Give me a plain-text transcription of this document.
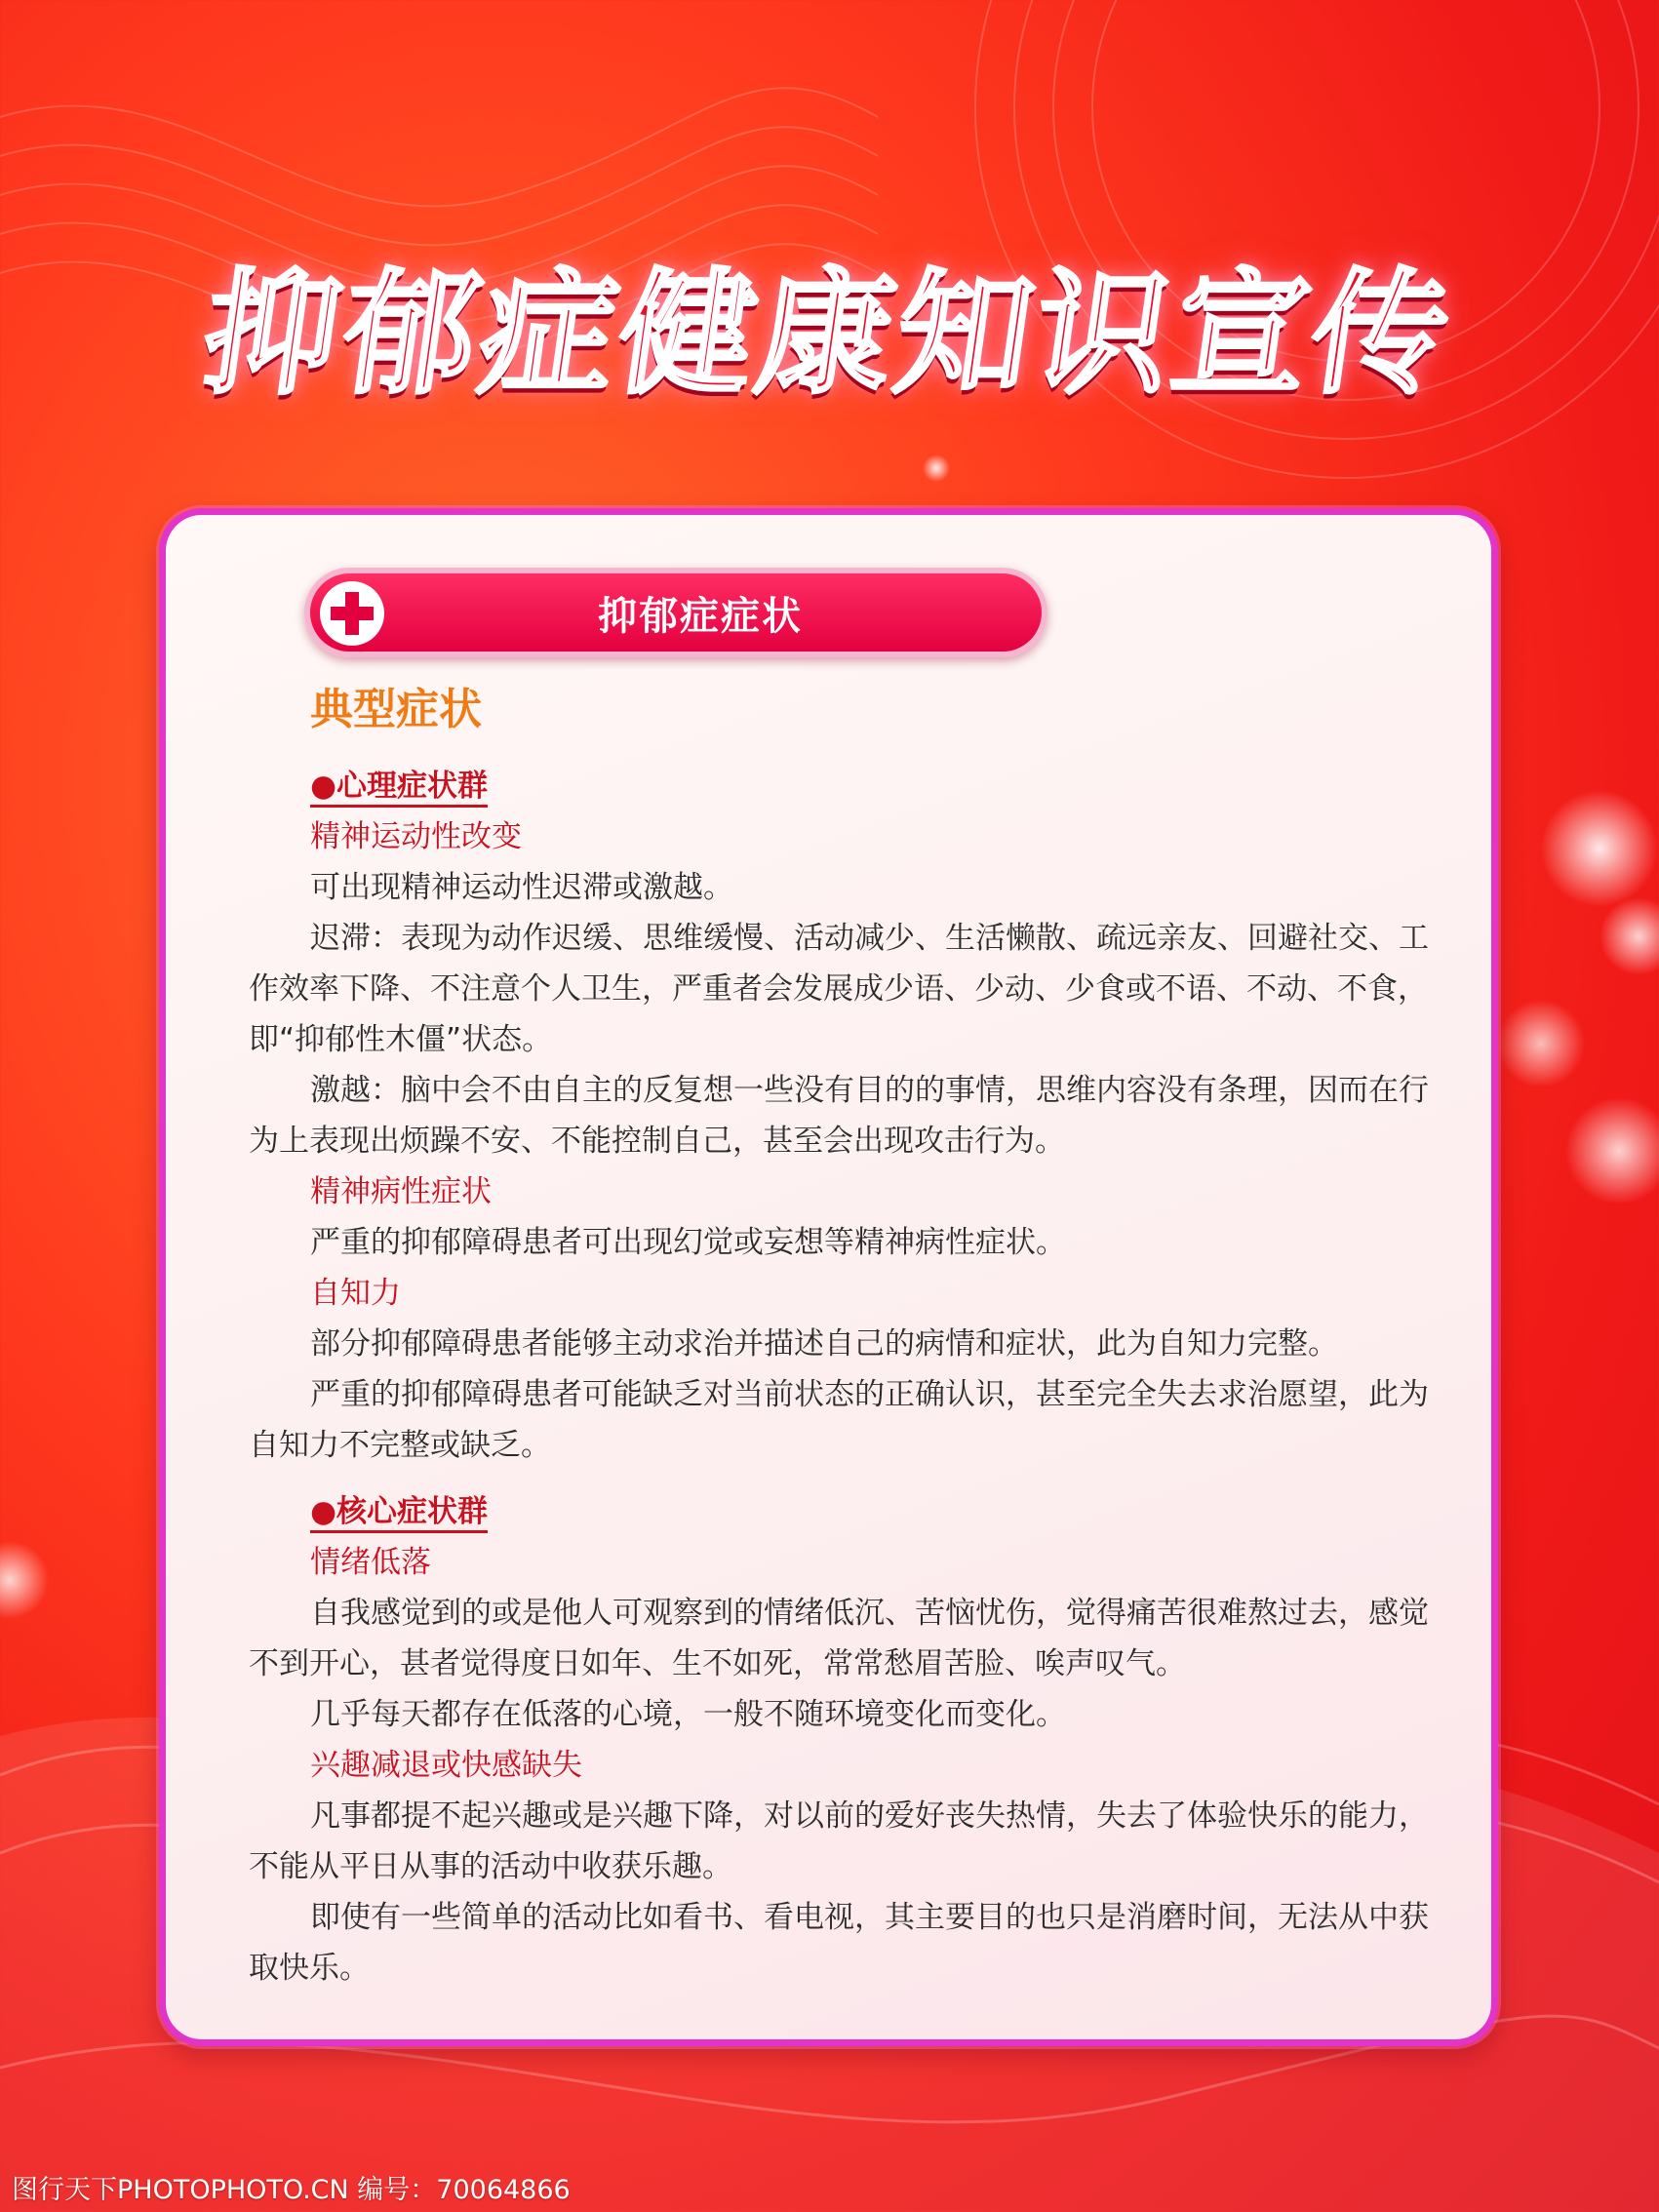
抑郁症健康知识宣传
抑郁症症状
典型症状
●心理症状群
精神运动性改变

可出现精神运动性迟滞或激越。

迟滞：表现为动作迟缓、思维缓慢、活动减少、生活懒散、疏远亲友、回避社交、工作效率下降、不注意个人卫生，严重者会发展成少语、少动、少食或不语、不动、不食，即“抑郁性木僵”状态。

激越：脑中会不由自主的反复想一些没有目的的事情，思维内容没有条理，因而在行为上表现出烦躁不安、不能控制自己，甚至会出现攻击行为。

精神病性症状

严重的抑郁障碍患者可出现幻觉或妄想等精神病性症状。

自知力

部分抑郁障碍患者能够主动求治并描述自己的病情和症状，此为自知力完整。

严重的抑郁障碍患者可能缺乏对当前状态的正确认识，甚至完全失去求治愿望，此为自知力不完整或缺乏。

●核心症状群
情绪低落

自我感觉到的或是他人可观察到的情绪低沉、苦恼忧伤，觉得痛苦很难熬过去，感觉不到开心，甚者觉得度日如年、生不如死，常常愁眉苦脸、唉声叹气。

几乎每天都存在低落的心境，一般不随环境变化而变化。

兴趣减退或快感缺失

凡事都提不起兴趣或是兴趣下降，对以前的爱好丧失热情，失去了体验快乐的能力，不能从平日从事的活动中收获乐趣。

即使有一些简单的活动比如看书、看电视，其主要目的也只是消磨时间，无法从中获取快乐。

图行天下PHOTOPHOTO.CN 编号：70064866
